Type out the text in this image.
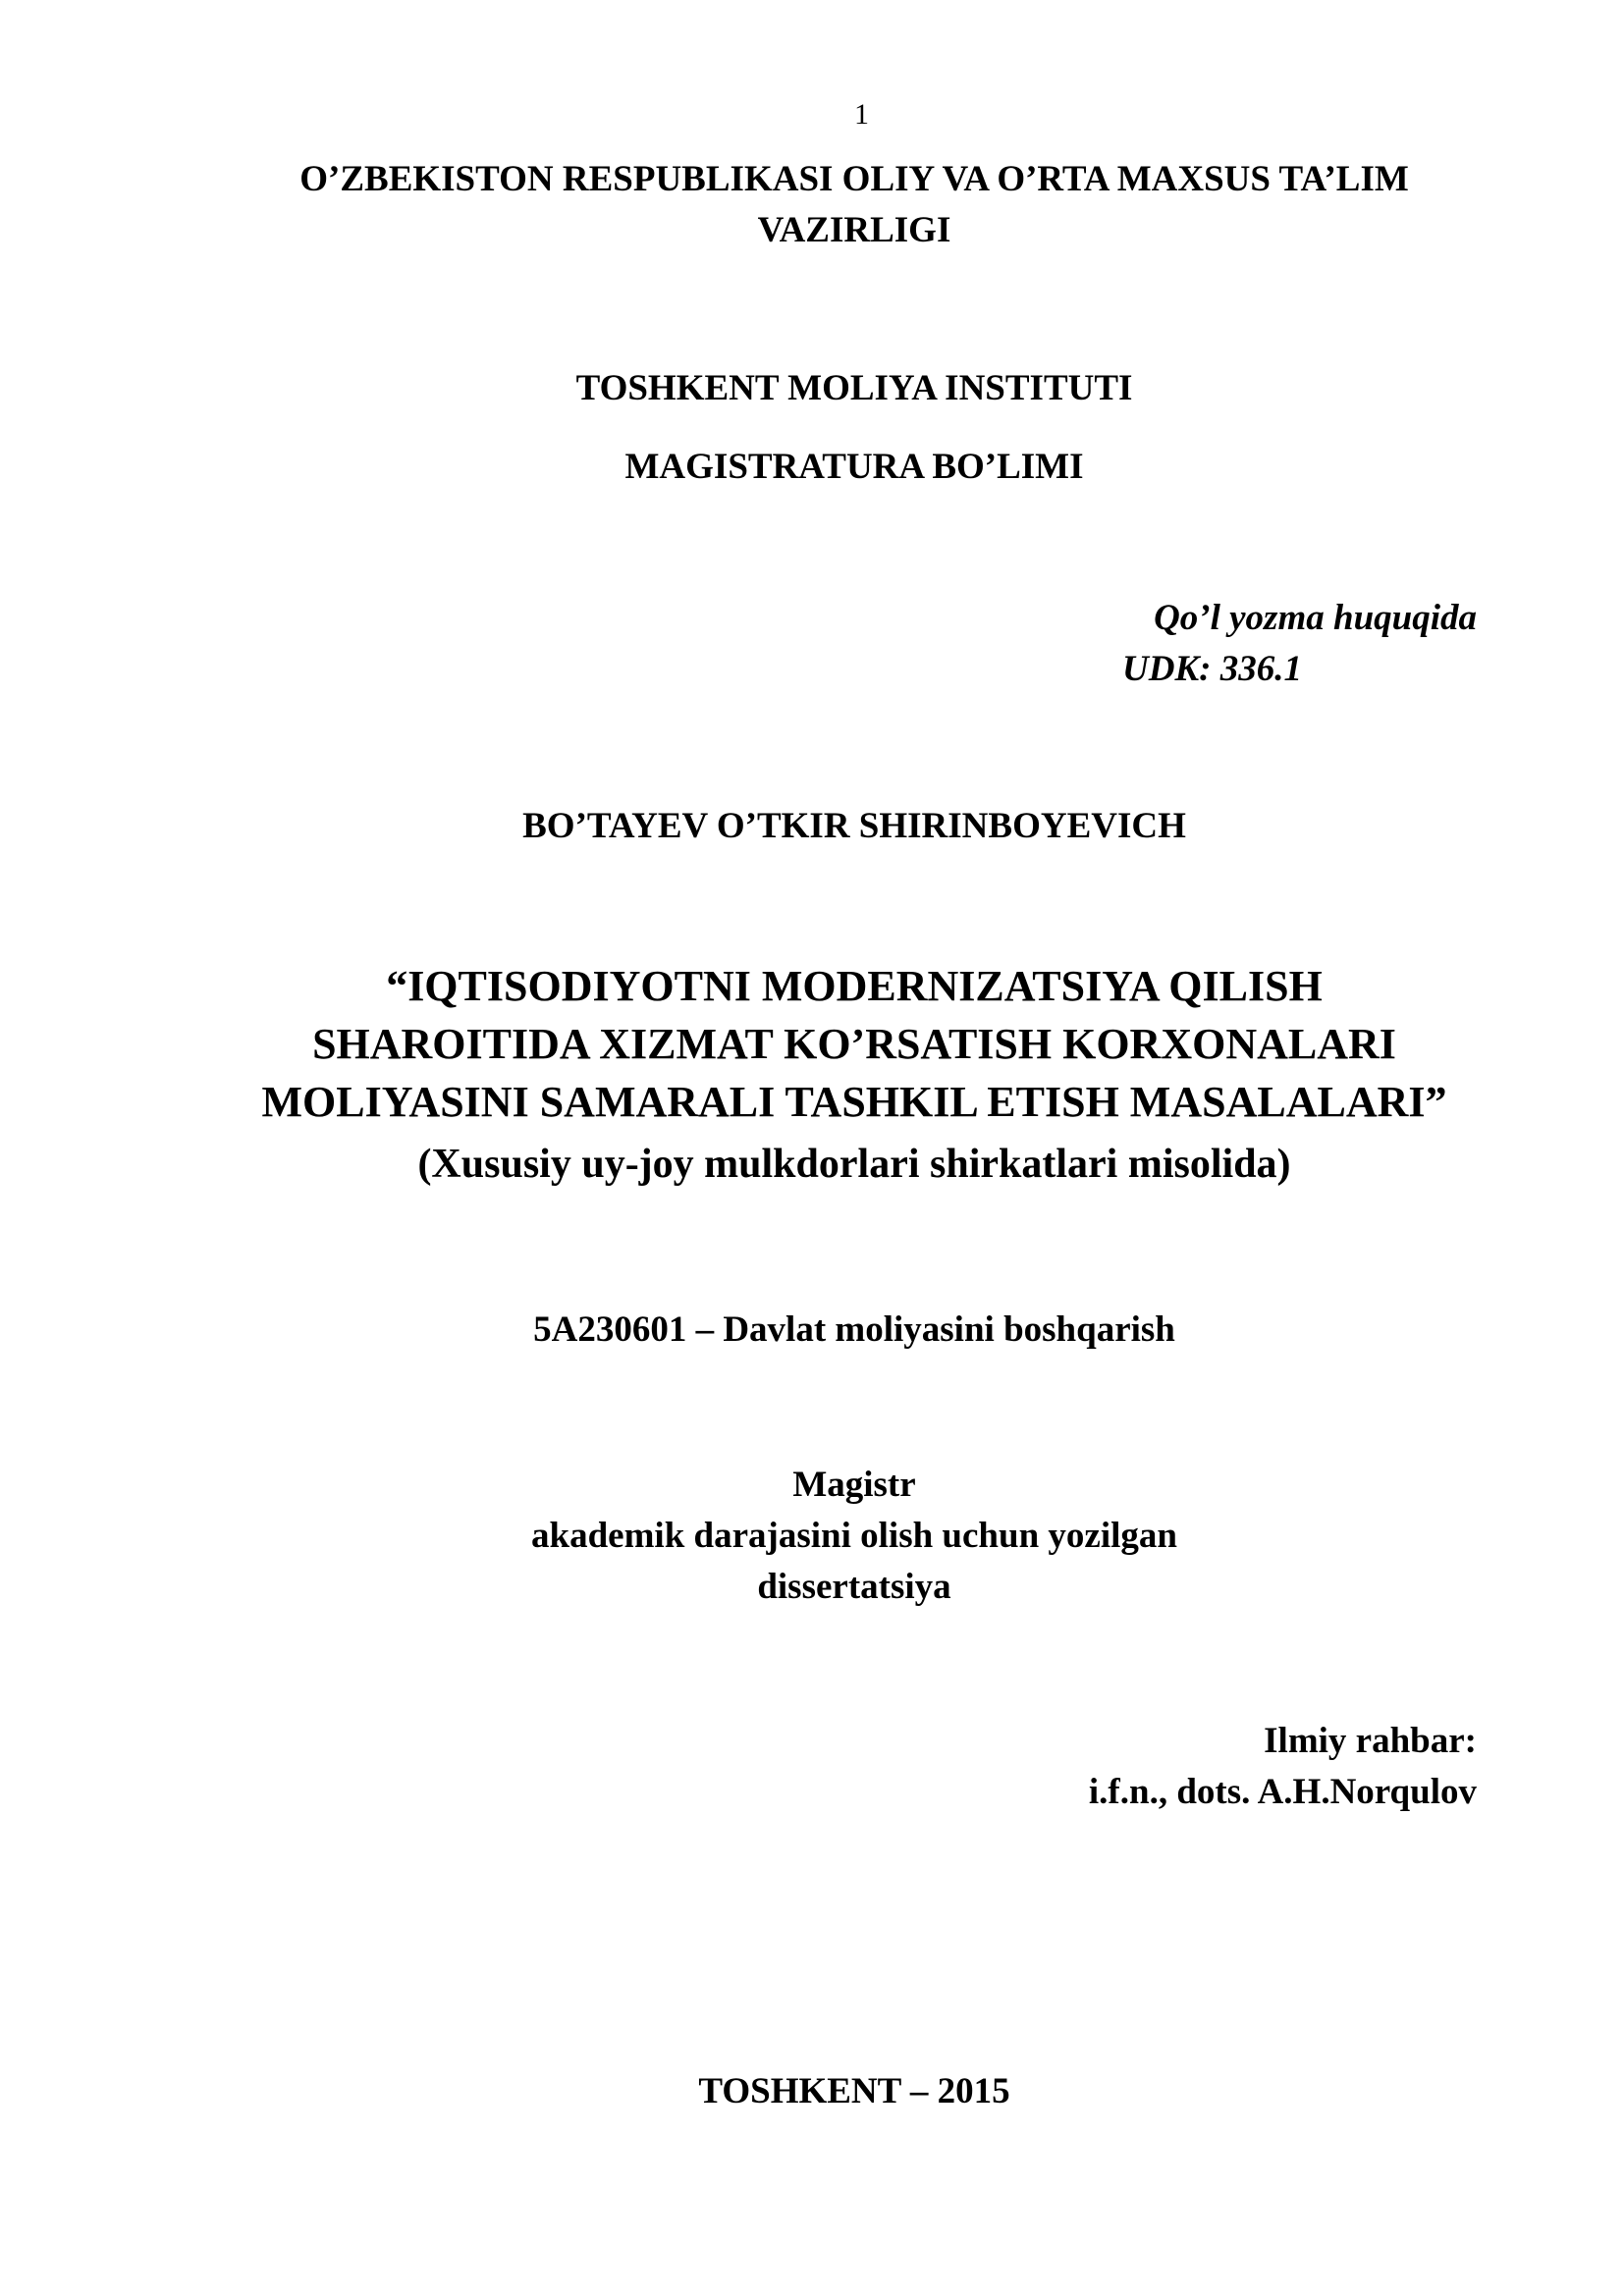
1
O’ZBEKISTON RESPUBLIKASI OLIY VA O’RTA MAXSUS TA’LIM
VAZIRLIGI
TOSHKENT MOLIYA INSTITUTI
MAGISTRATURA BO’LIMI
Qo’l yozma huquqida
UDK: 336.1
BO’TAYEV O’TKIR SHIRINBOYEVICH
“IQTISODIYOTNI MODERNIZATSIYA QILISH
SHAROITIDA XIZMAT KO’RSATISH KORXONALARI
MOLIYASINI SAMARALI TASHKIL ETISH MASALALARI”
(Xususiy uy-joy mulkdorlari shirkatlari misolida)
5A230601 – Davlat moliyasini boshqarish
Magistr
akademik darajasini olish uchun yozilgan
dissertatsiya
Ilmiy rahbar:
i.f.n., dots. A.H.Norqulov
TOSHKENT – 2015
